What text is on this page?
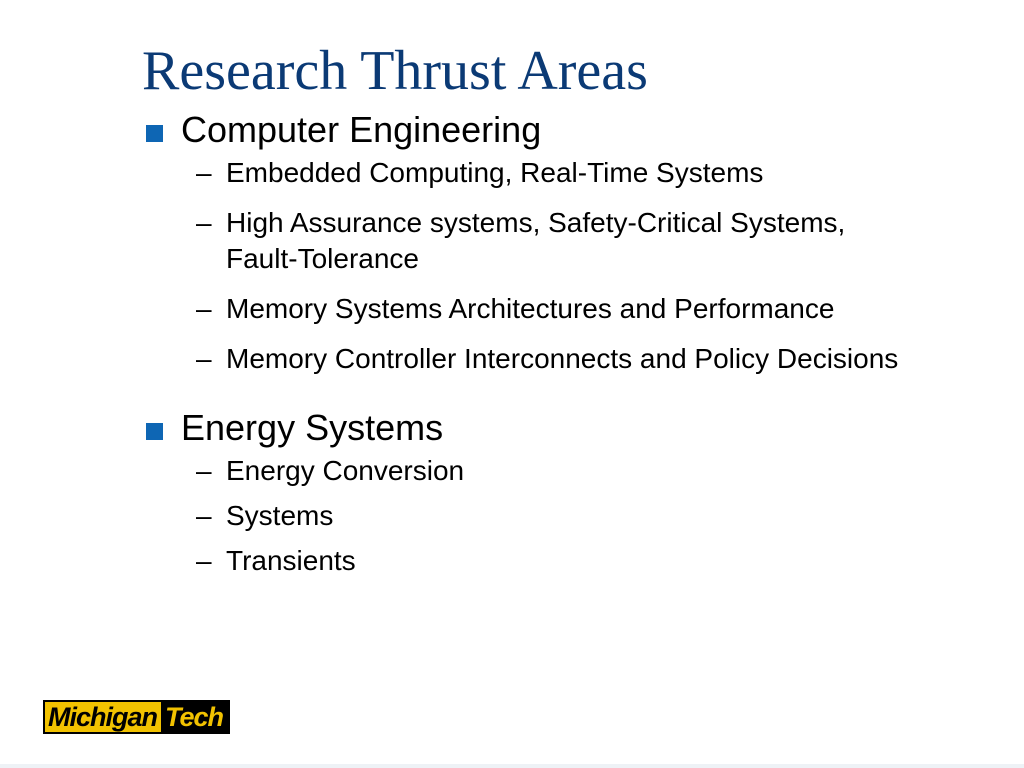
Research Thrust Areas
Computer Engineering
– Embedded Computing, Real-Time Systems
– High Assurance systems, Safety-Critical Systems, Fault-Tolerance
– Memory Systems Architectures and Performance
– Memory Controller Interconnects and Policy Decisions
Energy Systems
– Energy Conversion
– Systems
– Transients
Michigan Tech
